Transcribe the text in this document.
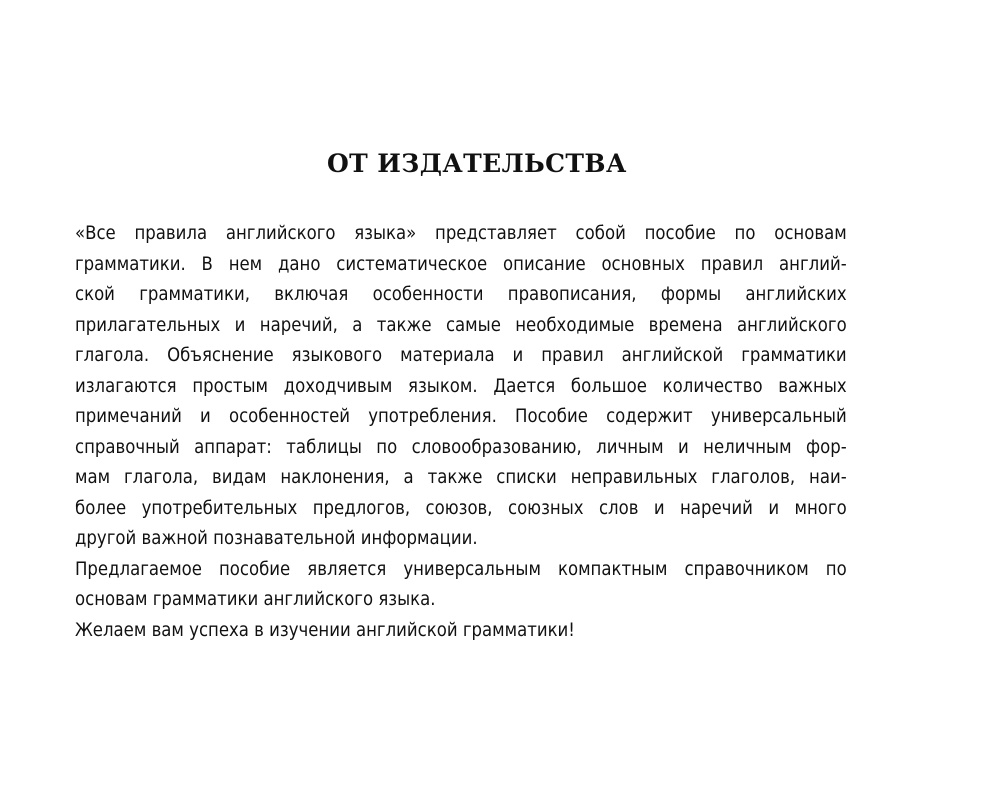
ОТ ИЗДАТЕЛЬСТВА
«Все правила английского языка» представляет собой пособие по основам
грамматики. В нем дано систематическое описание основных правил англий-
ской грамматики, включая особенности правописания, формы английских
прилагательных и наречий, а также самые необходимые времена английского
глагола. Объяснение языкового материала и правил английской грамматики
излагаются простым доходчивым языком. Дается большое количество важных
примечаний и особенностей употребления. Пособие содержит универсальный
справочный аппарат: таблицы по словообразованию, личным и неличным фор-
мам глагола, видам наклонения, а также списки неправильных глаголов, наи-
более употребительных предлогов, союзов, союзных слов и наречий и много
другой важной познавательной информации.
Предлагаемое пособие является универсальным компактным справочником по
основам грамматики английского языка.
Желаем вам успеха в изучении английской грамматики!
